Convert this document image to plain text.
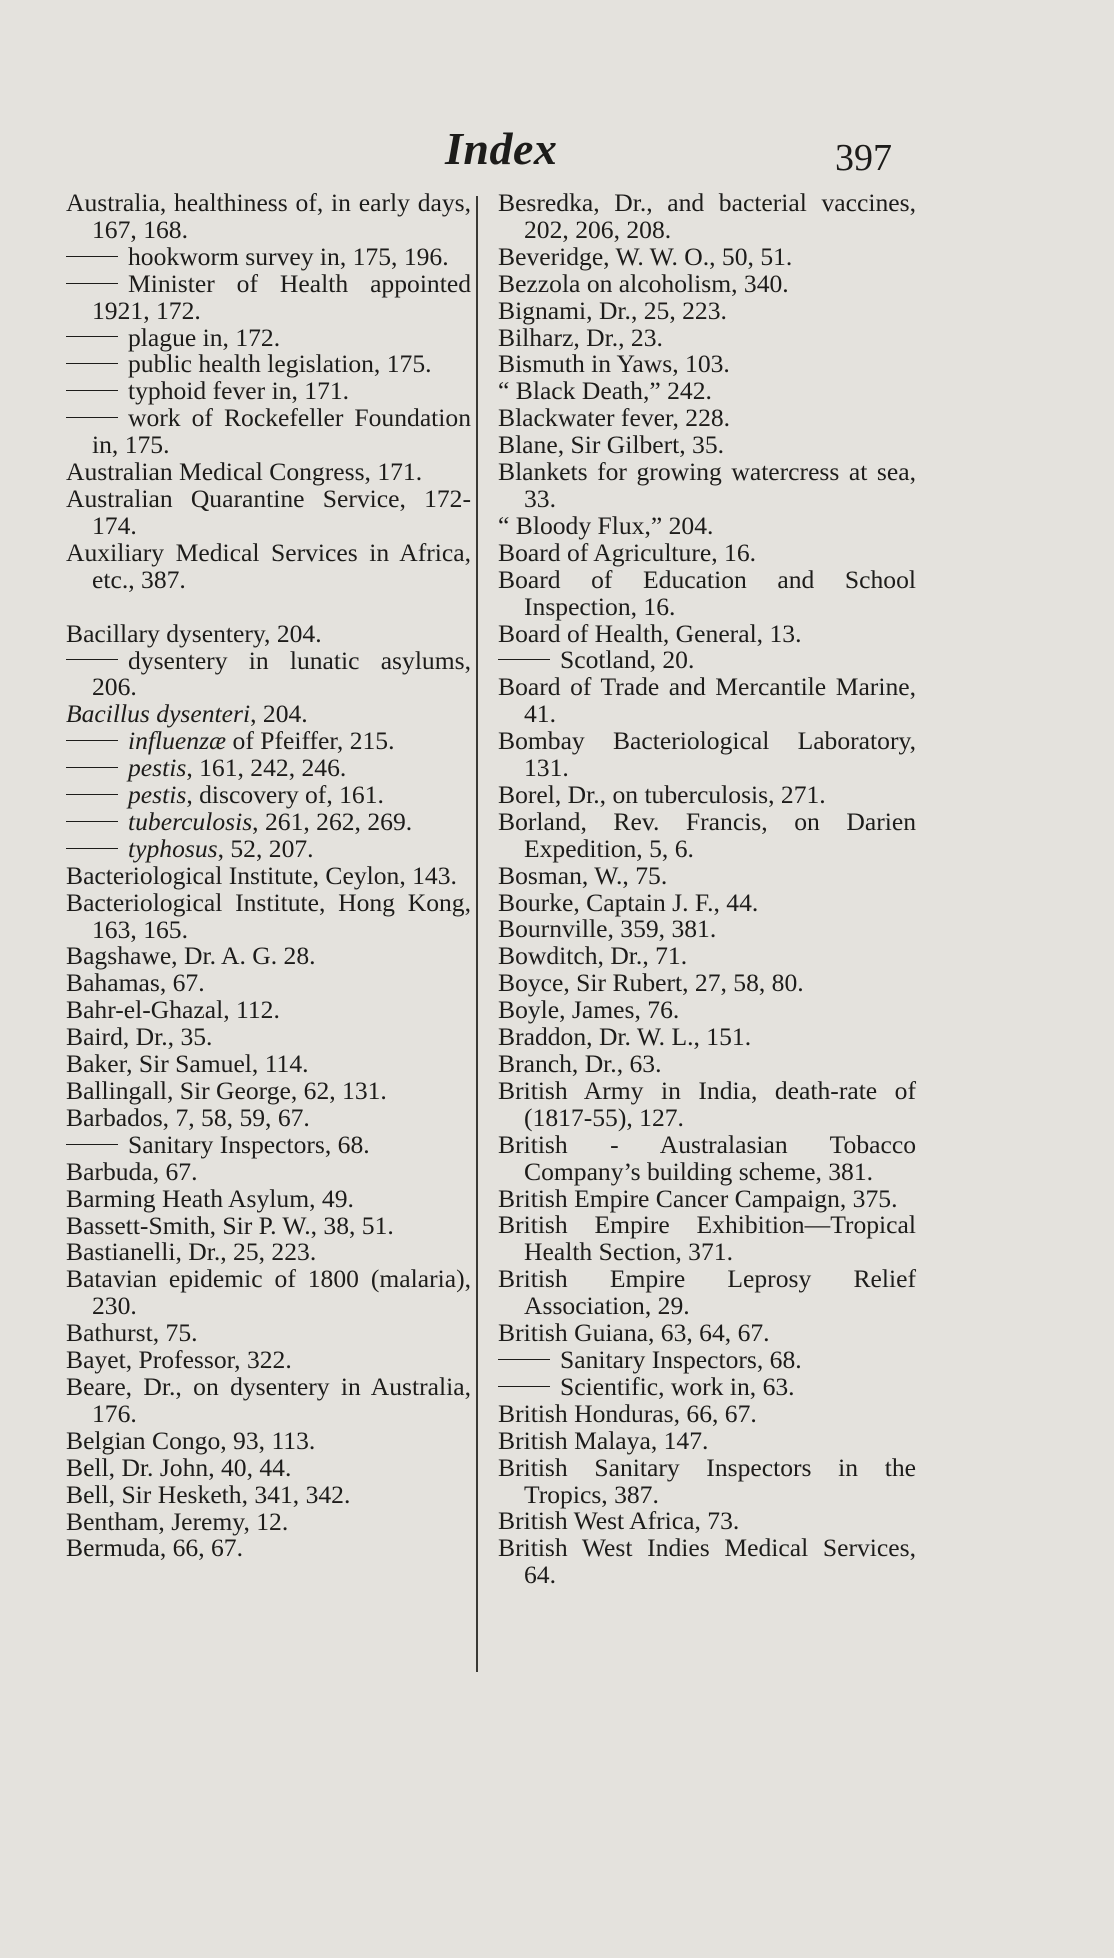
Index	397
Australia, healthiness of, in early days, 167, 168.
hookworm survey in, 175, 196.
Minister of Health appointed 1921, 172.
plague in, 172.
public health legislation, 175.
typhoid fever in, 171.
work of Rockefeller Foundation in, 175.
Australian Medical Congress, 171.
Australian Quarantine Service, 172-174.
Auxiliary Medical Services in Africa, etc., 387.
Bacillary dysentery, 204.
dysentery in lunatic asylums, 206.
Bacillus dysenteri, 204.
influenzæ of Pfeiffer, 215.
pestis, 161, 242, 246.
pestis, discovery of, 161.
tuberculosis, 261, 262, 269.
typhosus, 52, 207.
Bacteriological Institute, Ceylon, 143.
Bacteriological Institute, Hong Kong, 163, 165.
Bagshawe, Dr. A. G. 28.
Bahamas, 67.
Bahr-el-Ghazal, 112.
Baird, Dr., 35.
Baker, Sir Samuel, 114.
Ballingall, Sir George, 62, 131.
Barbados, 7, 58, 59, 67.
Sanitary Inspectors, 68.
Barbuda, 67.
Barming Heath Asylum, 49.
Bassett-Smith, Sir P. W., 38, 51.
Bastianelli, Dr., 25, 223.
Batavian epidemic of 1800 (malaria), 230.
Bathurst, 75.
Bayet, Professor, 322.
Beare, Dr., on dysentery in Australia, 176.
Belgian Congo, 93, 113.
Bell, Dr. John, 40, 44.
Bell, Sir Hesketh, 341, 342.
Bentham, Jeremy, 12.
Bermuda, 66, 67.
Besredka, Dr., and bacterial vaccines, 202, 206, 208.
Beveridge, W. W. O., 50, 51.
Bezzola on alcoholism, 340.
Bignami, Dr., 25, 223.
Bilharz, Dr., 23.
Bismuth in Yaws, 103.
“ Black Death,” 242.
Blackwater fever, 228.
Blane, Sir Gilbert, 35.
Blankets for growing watercress at sea, 33.
“ Bloody Flux,” 204.
Board of Agriculture, 16.
Board of Education and School Inspection, 16.
Board of Health, General, 13.
Scotland, 20.
Board of Trade and Mercantile Marine, 41.
Bombay Bacteriological Laboratory, 131.
Borel, Dr., on tuberculosis, 271.
Borland, Rev. Francis, on Darien Expedition, 5, 6.
Bosman, W., 75.
Bourke, Captain J. F., 44.
Bournville, 359, 381.
Bowditch, Dr., 71.
Boyce, Sir Rubert, 27, 58, 80.
Boyle, James, 76.
Braddon, Dr. W. L., 151.
Branch, Dr., 63.
British Army in India, death-rate of (1817-55), 127.
British - Australasian Tobacco Company’s building scheme, 381.
British Empire Cancer Campaign, 375.
British Empire Exhibition—Tropical Health Section, 371.
British Empire Leprosy Relief Association, 29.
British Guiana, 63, 64, 67.
Sanitary Inspectors, 68.
Scientific, work in, 63.
British Honduras, 66, 67.
British Malaya, 147.
British Sanitary Inspectors in the Tropics, 387.
British West Africa, 73.
British West Indies Medical Services, 64.
